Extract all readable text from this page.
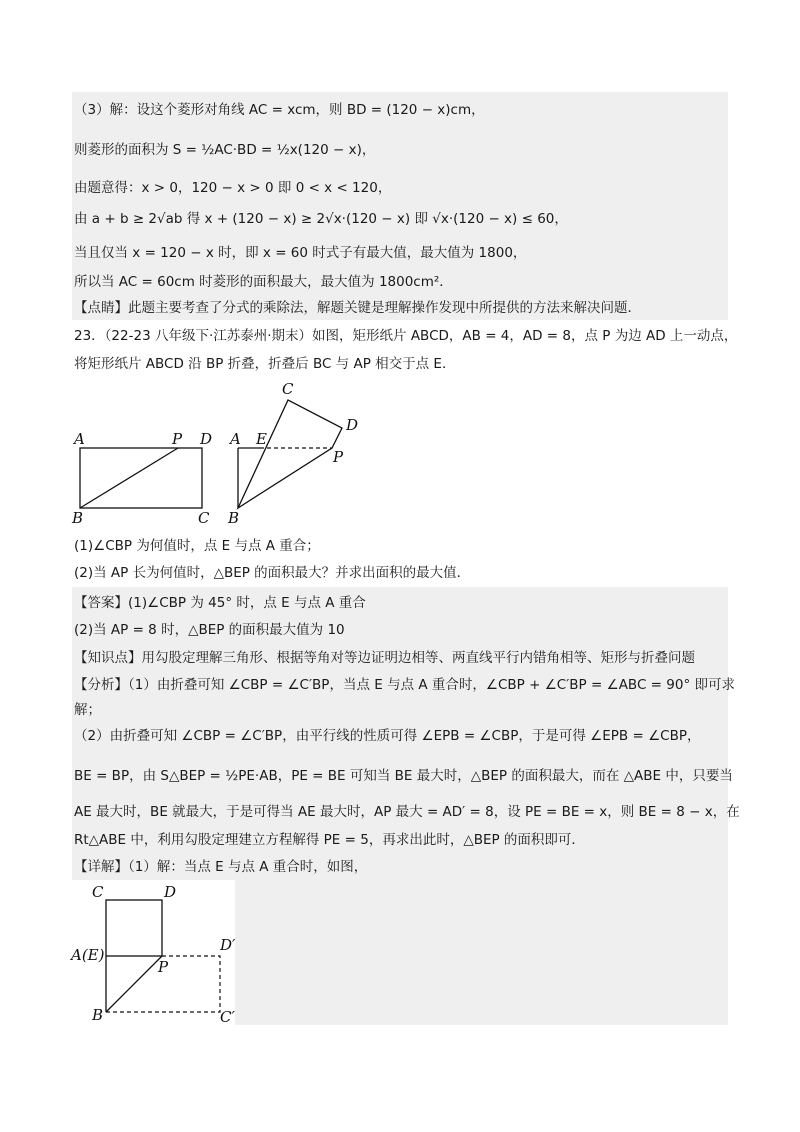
（3）解：设这个菱形对角线 AC = xcm，则 BD = (120 − x)cm，
则菱形的面积为 S = ½AC·BD = ½x(120 − x)，
由题意得：x > 0，120 − x > 0 即 0 < x < 120，
由 a + b ≥ 2√ab 得 x + (120 − x) ≥ 2√x·(120 − x) 即 √x·(120 − x) ≤ 60，
当且仅当 x = 120 − x 时，即 x = 60 时式子有最大值，最大值为 1800，
所以当 AC = 60cm 时菱形的面积最大，最大值为 1800cm²．
【点睛】此题主要考查了分式的乘除法，解题关键是理解操作发现中所提供的方法来解决问题．
23．（22-23 八年级下·江苏泰州·期末）如图，矩形纸片 ABCD，AB = 4，AD = 8，点 P 为边 AD 上一动点，
将矩形纸片 ABCD 沿 BP 折叠，折叠后 BC 与 AP 相交于点 E．
A	P D
B	C
C
D
A E
P
B
(1)∠CBP 为何值时，点 E 与点 A 重合；
(2)当 AP 长为何值时，△BEP 的面积最大？并求出面积的最大值．
【答案】(1)∠CBP 为 45° 时，点 E 与点 A 重合
(2)当 AP = 8 时，△BEP 的面积最大值为 10
【知识点】用勾股定理解三角形、根据等角对等边证明边相等、两直线平行内错角相等、矩形与折叠问题
【分析】（1）由折叠可知 ∠CBP = ∠C′BP，当点 E 与点 A 重合时，∠CBP + ∠C′BP = ∠ABC = 90° 即可求
解；
（2）由折叠可知 ∠CBP = ∠C′BP，由平行线的性质可得 ∠EPB = ∠CBP，于是可得 ∠EPB = ∠CBP，
BE = BP，由 S△BEP = ½PE·AB，PE = BE 可知当 BE 最大时，△BEP 的面积最大，而在 △ABE 中，只要当
AE 最大时，BE 就最大，于是可得当 AE 最大时，AP 最大 = AD′ = 8，设 PE = BE = x，则 BE = 8 − x，在
Rt△ABE 中，利用勾股定理建立方程解得 PE = 5，再求出此时，△BEP 的面积即可．
【详解】（1）解：当点 E 与点 A 重合时，如图，
C	D
A(E)
P
D′
B	C′
